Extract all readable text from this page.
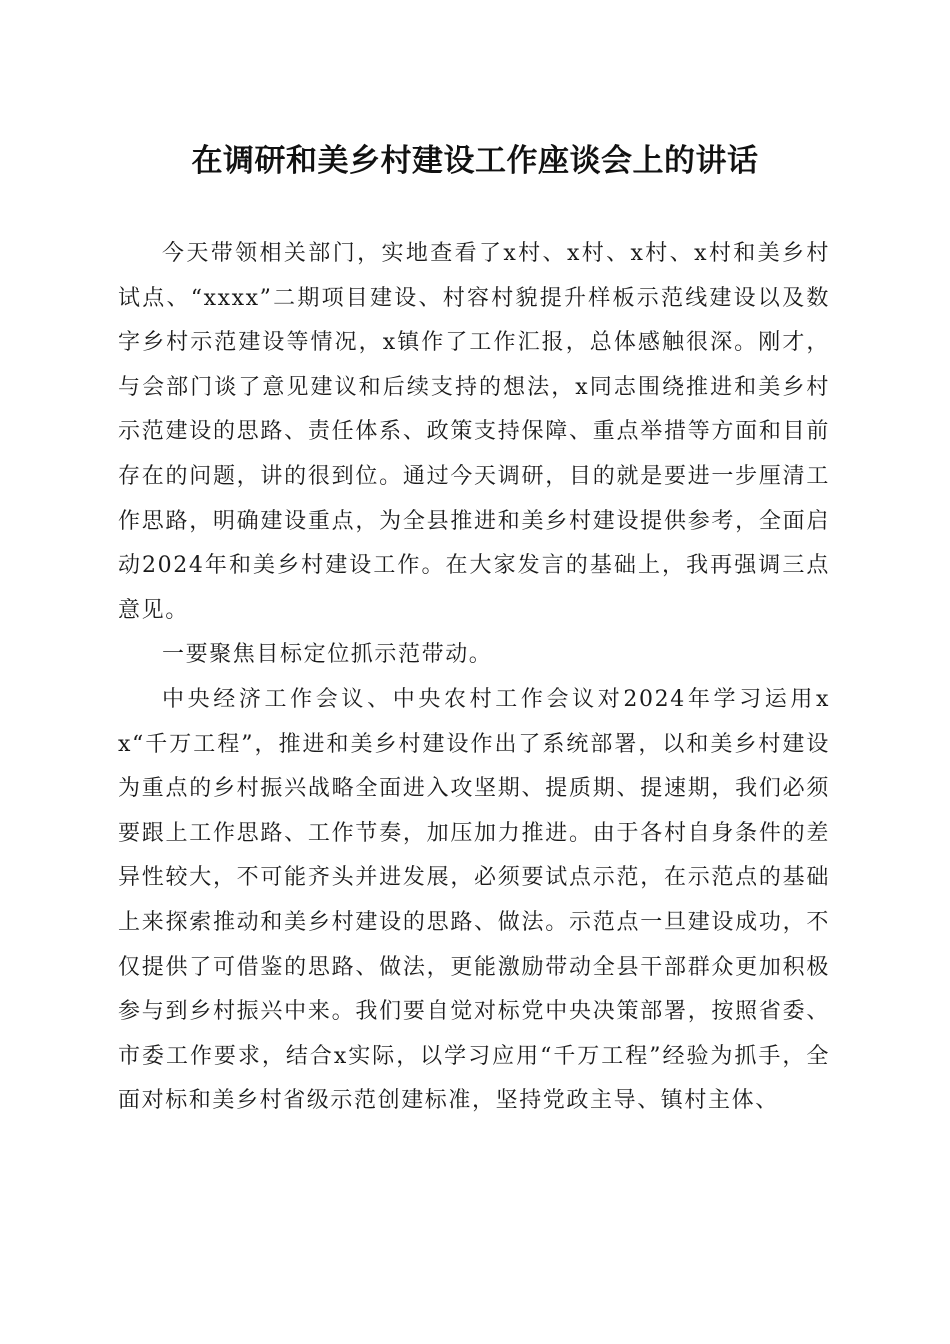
在调研和美乡村建设工作座谈会上的讲话

今天带领相关部门，实地查看了x村、x村、x村、x村和美乡村试点、“xxxx”二期项目建设、村容村貌提升样板示范线建设以及数字乡村示范建设等情况，x镇作了工作汇报，总体感触很深。刚才，与会部门谈了意见建议和后续支持的想法，x同志围绕推进和美乡村示范建设的思路、责任体系、政策支持保障、重点举措等方面和目前存在的问题，讲的很到位。通过今天调研，目的就是要进一步厘清工作思路，明确建设重点，为全县推进和美乡村建设提供参考，全面启动2024年和美乡村建设工作。在大家发言的基础上，我再强调三点意见。

一要聚焦目标定位抓示范带动。

中央经济工作会议、中央农村工作会议对2024年学习运用xx“千万工程”，推进和美乡村建设作出了系统部署，以和美乡村建设为重点的乡村振兴战略全面进入攻坚期、提质期、提速期，我们必须要跟上工作思路、工作节奏，加压加力推进。由于各村自身条件的差异性较大，不可能齐头并进发展，必须要试点示范，在示范点的基础上来探索推动和美乡村建设的思路、做法。示范点一旦建设成功，不仅提供了可借鉴的思路、做法，更能激励带动全县干部群众更加积极参与到乡村振兴中来。我们要自觉对标党中央决策部署，按照省委、市委工作要求，结合x实际，以学习应用“千万工程”经验为抓手，全面对标和美乡村省级示范创建标准，坚持党政主导、镇村主体、
